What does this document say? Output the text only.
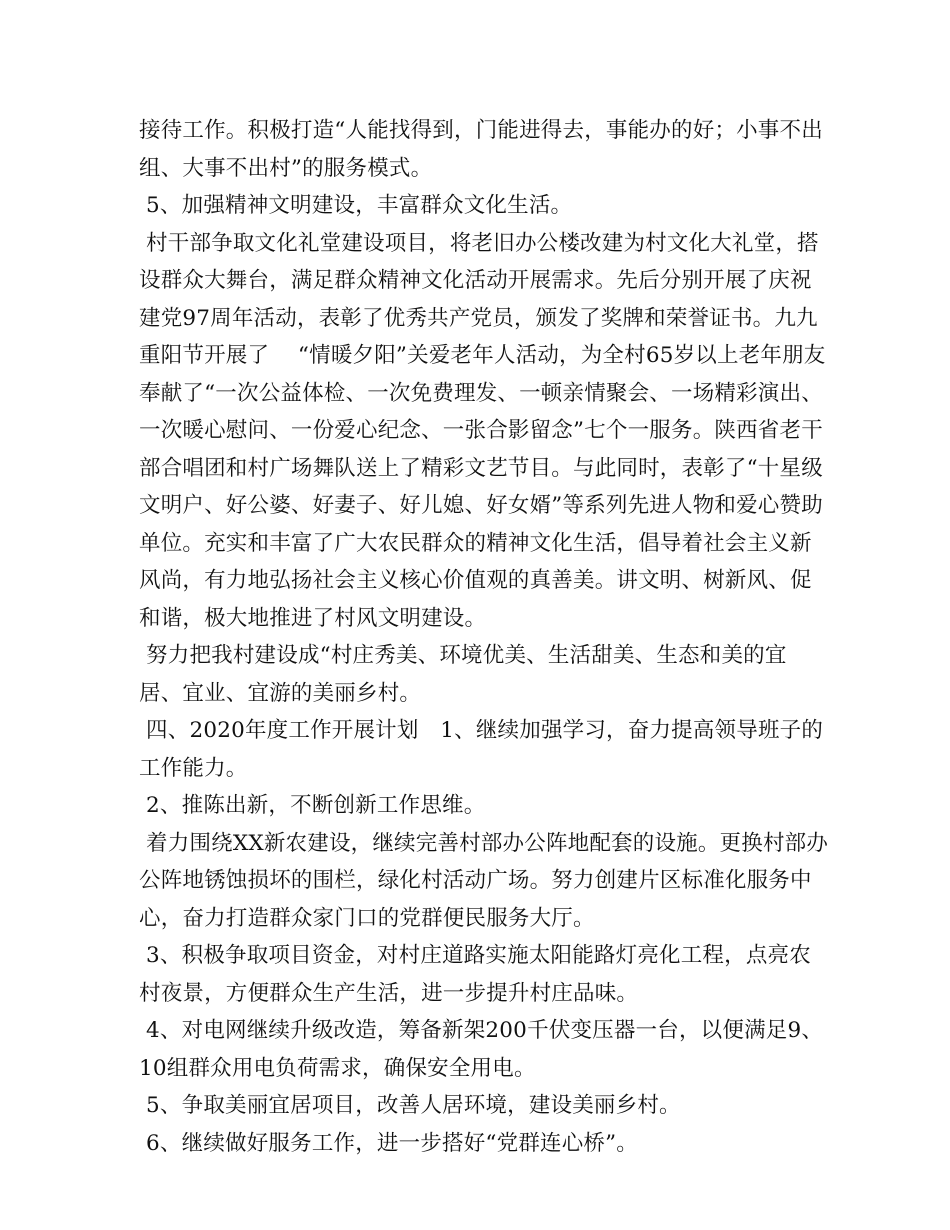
接待工作。积极打造“人能找得到，门能进得去，事能办的好；小事不出组、大事不出村”的服务模式。

5、加强精神文明建设，丰富群众文化生活。

村干部争取文化礼堂建设项目，将老旧办公楼改建为村文化大礼堂，搭设群众大舞台，满足群众精神文化活动开展需求。先后分别开展了庆祝建党97周年活动，表彰了优秀共产党员，颁发了奖牌和荣誉证书。九九重阳节开展了　 “情暖夕阳”关爱老年人活动，为全村65岁以上老年朋友奉献了“一次公益体检、一次免费理发、一顿亲情聚会、一场精彩演出、一次暖心慰问、一份爱心纪念、一张合影留念”七个一服务。陕西省老干部合唱团和村广场舞队送上了精彩文艺节目。与此同时，表彰了“十星级文明户、好公婆、好妻子、好儿媳、好女婿”等系列先进人物和爱心赞助单位。充实和丰富了广大农民群众的精神文化生活，倡导着社会主义新风尚，有力地弘扬社会主义核心价值观的真善美。讲文明、树新风、促和谐，极大地推进了村风文明建设。

努力把我村建设成“村庄秀美、环境优美、生活甜美、生态和美的宜居、宜业、宜游的美丽乡村。

四、2020年度工作开展计划　1、继续加强学习，奋力提高领导班子的工作能力。

2、推陈出新，不断创新工作思维。

着力围绕XX新农建设，继续完善村部办公阵地配套的设施。更换村部办公阵地锈蚀损坏的围栏，绿化村活动广场。努力创建片区标准化服务中心，奋力打造群众家门口的党群便民服务大厅。

3、积极争取项目资金，对村庄道路实施太阳能路灯亮化工程，点亮农村夜景，方便群众生产生活，进一步提升村庄品味。

4、对电网继续升级改造，筹备新架200千伏变压器一台，以便满足9、10组群众用电负荷需求，确保安全用电。

5、争取美丽宜居项目，改善人居环境，建设美丽乡村。

6、继续做好服务工作，进一步搭好“党群连心桥”。
